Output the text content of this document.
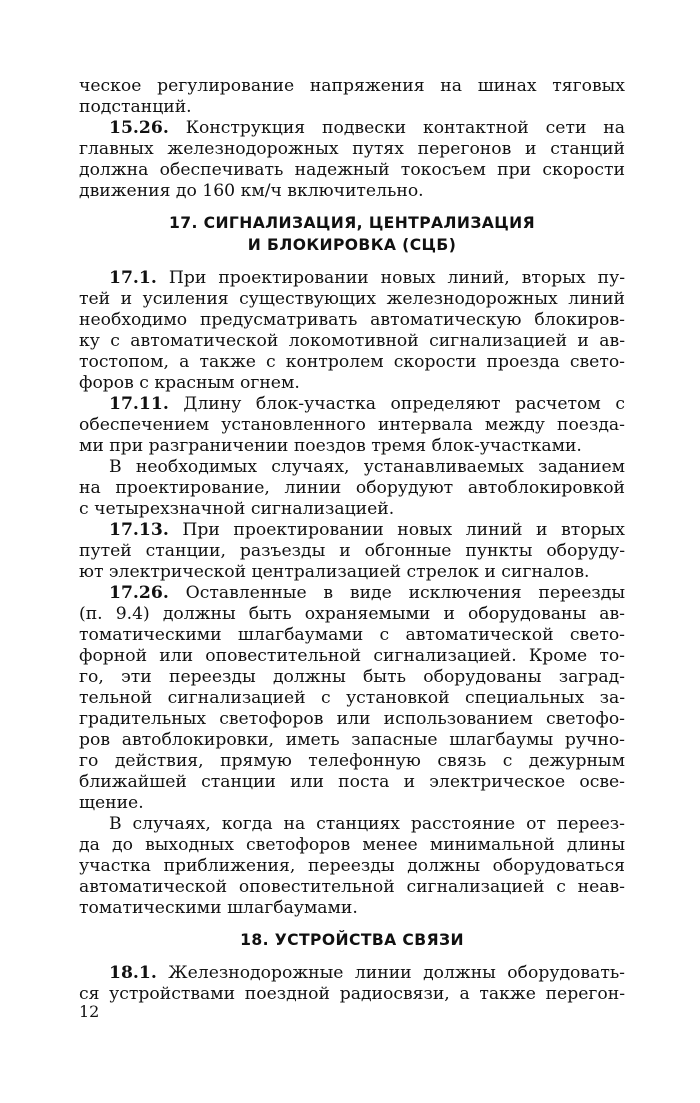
ческое регулирование напряжения на шинах тяговых
подстанций.
15.26. Конструкция подвески контактной сети на
главных железнодорожных путях перегонов и станций
должна обеспечивать надежный токосъем при скорости
движения до 160 км/ч включительно.
17. СИГНАЛИЗАЦИЯ, ЦЕНТРАЛИЗАЦИЯ
И БЛОКИРОВКА (СЦБ)
17.1. При проектировании новых линий, вторых пу-
тей и усиления существующих железнодорожных линий
необходимо предусматривать автоматическую блокиров-
ку с автоматической локомотивной сигнализацией и ав-
тостопом, а также с контролем скорости проезда свето-
форов с красным огнем.
17.11. Длину блок-участка определяют расчетом с
обеспечением установленного интервала между поезда-
ми при разграничении поездов тремя блок-участками.
В необходимых случаях, устанавливаемых заданием
на проектирование, линии оборудуют автоблокировкой
с четырехзначной сигнализацией.
17.13. При проектировании новых линий и вторых
путей станции, разъезды и обгонные пункты оборуду-
ют электрической централизацией стрелок и сигналов.
17.26. Оставленные в виде исключения переезды
(п. 9.4) должны быть охраняемыми и оборудованы ав-
томатическими шлагбаумами с автоматической свето-
форной или оповестительной сигнализацией. Кроме то-
го, эти переезды должны быть оборудованы заград-
тельной сигнализацией с установкой специальных за-
градительных светофоров или использованием светофо-
ров автоблокировки, иметь запасные шлагбаумы ручно-
го действия, прямую телефонную связь с дежурным
ближайшей станции или поста и электрическое осве-
щение.
В случаях, когда на станциях расстояние от переез-
да до выходных светофоров менее минимальной длины
участка приближения, переезды должны оборудоваться
автоматической оповестительной сигнализацией с неав-
томатическими шлагбаумами.
18. УСТРОЙСТВА СВЯЗИ
18.1. Железнодорожные линии должны оборудовать-
ся устройствами поездной радиосвязи, а также перегон-
12
